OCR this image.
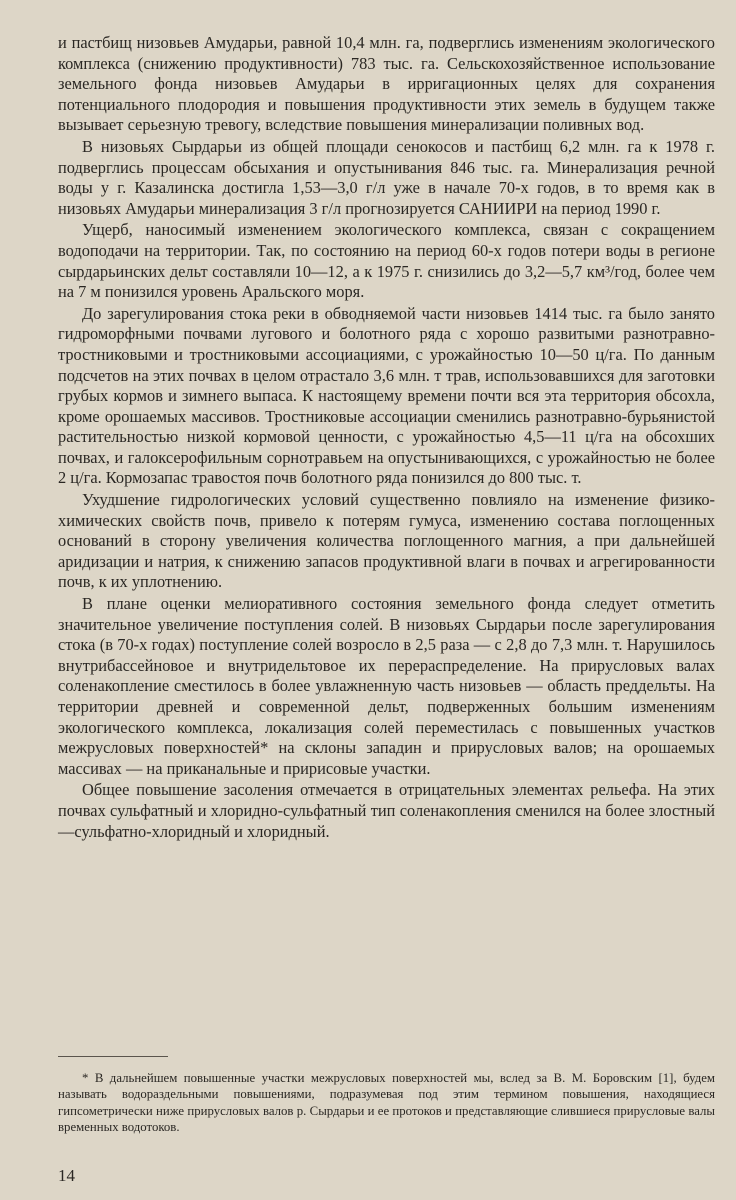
и пастбищ низовьев Амударьи, равной 10,4 млн. га, подверглись изменениям экологического комплекса (снижению продуктивности) 783 тыс. га. Сельскохозяйственное использование земельного фонда низовьев Амударьи в ирригационных целях для сохранения потенциального плодородия и повышения продуктивности этих земель в будущем также вызывает серьезную тревогу, вследствие повышения минерализации поливных вод.

В низовьях Сырдарьи из общей площади сенокосов и пастбищ 6,2 млн. га к 1978 г. подверглись процессам обсыхания и опустынивания 846 тыс. га. Минерализация речной воды у г. Казалинска достигла 1,53—3,0 г/л уже в начале 70-х годов, в то время как в низовьях Амударьи минерализация 3 г/л прогнозируется САНИИРИ на период 1990 г.

Ущерб, наносимый изменением экологического комплекса, связан с сокращением водоподачи на территории. Так, по состоянию на период 60-х годов потери воды в регионе сырдарьинских дельт составляли 10—12, а к 1975 г. снизились до 3,2—5,7 км³/год, более чем на 7 м понизился уровень Аральского моря.

До зарегулирования стока реки в обводняемой части низовьев 1414 тыс. га было занято гидроморфными почвами лугового и болотного ряда с хорошо развитыми разнотравно-тростниковыми и тростниковыми ассоциациями, с урожайностью 10—50 ц/га. По данным подсчетов на этих почвах в целом отрастало 3,6 млн. т трав, использовавшихся для заготовки грубых кормов и зимнего выпаса. К настоящему времени почти вся эта территория обсохла, кроме орошаемых массивов. Тростниковые ассоциации сменились разнотравно-бурьянистой растительностью низкой кормовой ценности, с урожайностью 4,5—11 ц/га на обсохших почвах, и галоксерофильным сорнотравьем на опустынивающихся, с урожайностью не более 2 ц/га. Кормозапас травостоя почв болотного ряда понизился до 800 тыс. т.

Ухудшение гидрологических условий существенно повлияло на изменение физико-химических свойств почв, привело к потерям гумуса, изменению состава поглощенных оснований в сторону увеличения количества поглощенного магния, а при дальнейшей аридизации и натрия, к снижению запасов продуктивной влаги в почвах и агрегированности почв, к их уплотнению.

В плане оценки мелиоративного состояния земельного фонда следует отметить значительное увеличение поступления солей. В низовьях Сырдарьи после зарегулирования стока (в 70-х годах) поступление солей возросло в 2,5 раза — с 2,8 до 7,3 млн. т. Нарушилось внутрибассейновое и внутридельтовое их перераспределение. На прирусловых валах соленакопление сместилось в более увлажненную часть низовьев — область преддельты. На территории древней и современной дельт, подверженных большим изменениям экологического комплекса, локализация солей переместилась с повышенных участков межрусловых поверхностей* на склоны западин и прирусловых валов; на орошаемых массивах — на приканальные и пририсовые участки.

Общее повышение засоления отмечается в отрицательных элементах рельефа. На этих почвах сульфатный и хлоридно-сульфатный тип соленакопления сменился на более злостный—сульфатно-хлоридный и хлоридный.

* В дальнейшем повышенные участки межрусловых поверхностей мы, вслед за В. М. Боровским [1], будем называть водораздельными повышениями, подразумевая под этим термином повышения, находящиеся гипсометрически ниже прирусловых валов р. Сырдарьи и ее протоков и представляющие слившиеся прирусловые валы временных водотоков.

14
